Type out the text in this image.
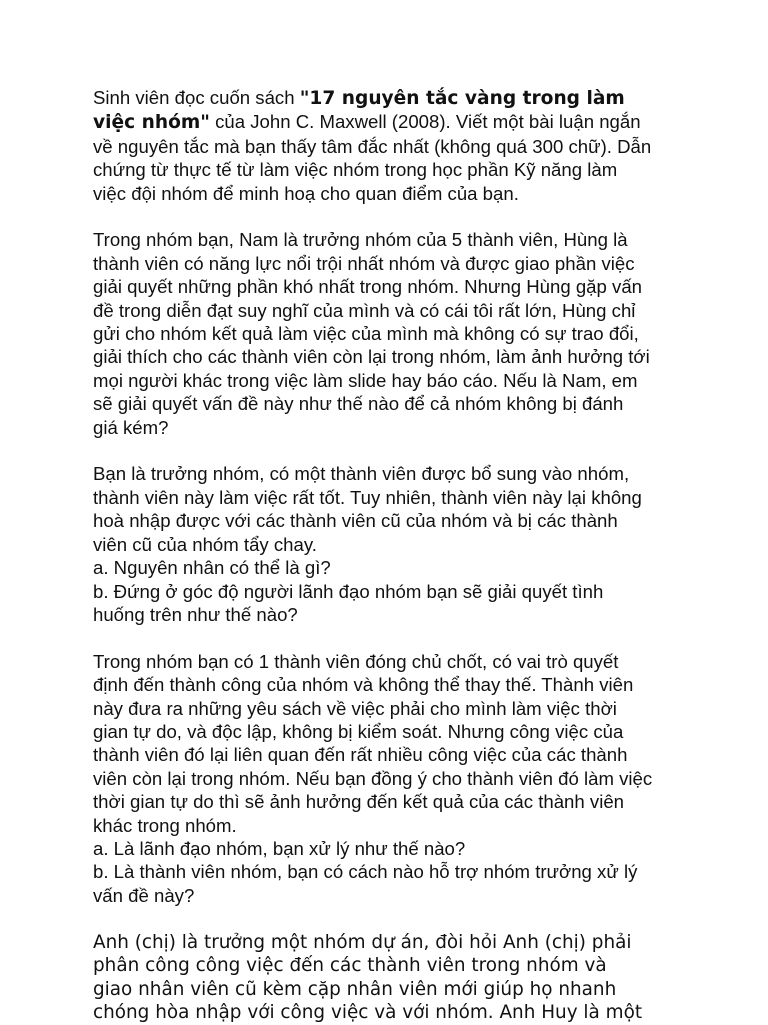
Sinh viên đọc cuốn sách "17 nguyên tắc vàng trong làm
việc nhóm" của John C. Maxwell (2008). Viết một bài luận ngắn
về nguyên tắc mà bạn thấy tâm đắc nhất (không quá 300 chữ). Dẫn
chứng từ thực tế từ làm việc nhóm trong học phần Kỹ năng làm
việc đội nhóm để minh hoạ cho quan điểm của bạn.

Trong nhóm bạn, Nam là trưởng nhóm của 5 thành viên, Hùng là
thành viên có năng lực nổi trội nhất nhóm và được giao phần việc
giải quyết những phần khó nhất trong nhóm. Nhưng Hùng gặp vấn
đề trong diễn đạt suy nghĩ của mình và có cái tôi rất lớn, Hùng chỉ
gửi cho nhóm kết quả làm việc của mình mà không có sự trao đổi,
giải thích cho các thành viên còn lại trong nhóm, làm ảnh hưởng tới
mọi người khác trong việc làm slide hay báo cáo. Nếu là Nam, em
sẽ giải quyết vấn đề này như thế nào để cả nhóm không bị đánh
giá kém?

Bạn là trưởng nhóm, có một thành viên được bổ sung vào nhóm,
thành viên này làm việc rất tốt. Tuy nhiên, thành viên này lại không
hoà nhập được với các thành viên cũ của nhóm và bị các thành
viên cũ của nhóm tẩy chay.
a. Nguyên nhân có thể là gì?
b. Đứng ở góc độ người lãnh đạo nhóm bạn sẽ giải quyết tình
huống trên như thế nào?

Trong nhóm bạn có 1 thành viên đóng chủ chốt, có vai trò quyết
định đến thành công của nhóm và không thể thay thế. Thành viên
này đưa ra những yêu sách về việc phải cho mình làm việc thời
gian tự do, và độc lập, không bị kiểm soát. Nhưng công việc của
thành viên đó lại liên quan đến rất nhiều công việc của các thành
viên còn lại trong nhóm. Nếu bạn đồng ý cho thành viên đó làm việc
thời gian tự do thì sẽ ảnh hưởng đến kết quả của các thành viên
khác trong nhóm.
a. Là lãnh đạo nhóm, bạn xử lý như thế nào?
b. Là thành viên nhóm, bạn có cách nào hỗ trợ nhóm trưởng xử lý
vấn đề này?

Anh (chị) là trưởng một nhóm dự án, đòi hỏi Anh (chị) phải
phân công công việc đến các thành viên trong nhóm và
giao nhân viên cũ kèm cặp nhân viên mới giúp họ nhanh
chóng hòa nhập với công việc và với nhóm. Anh Huy là một
